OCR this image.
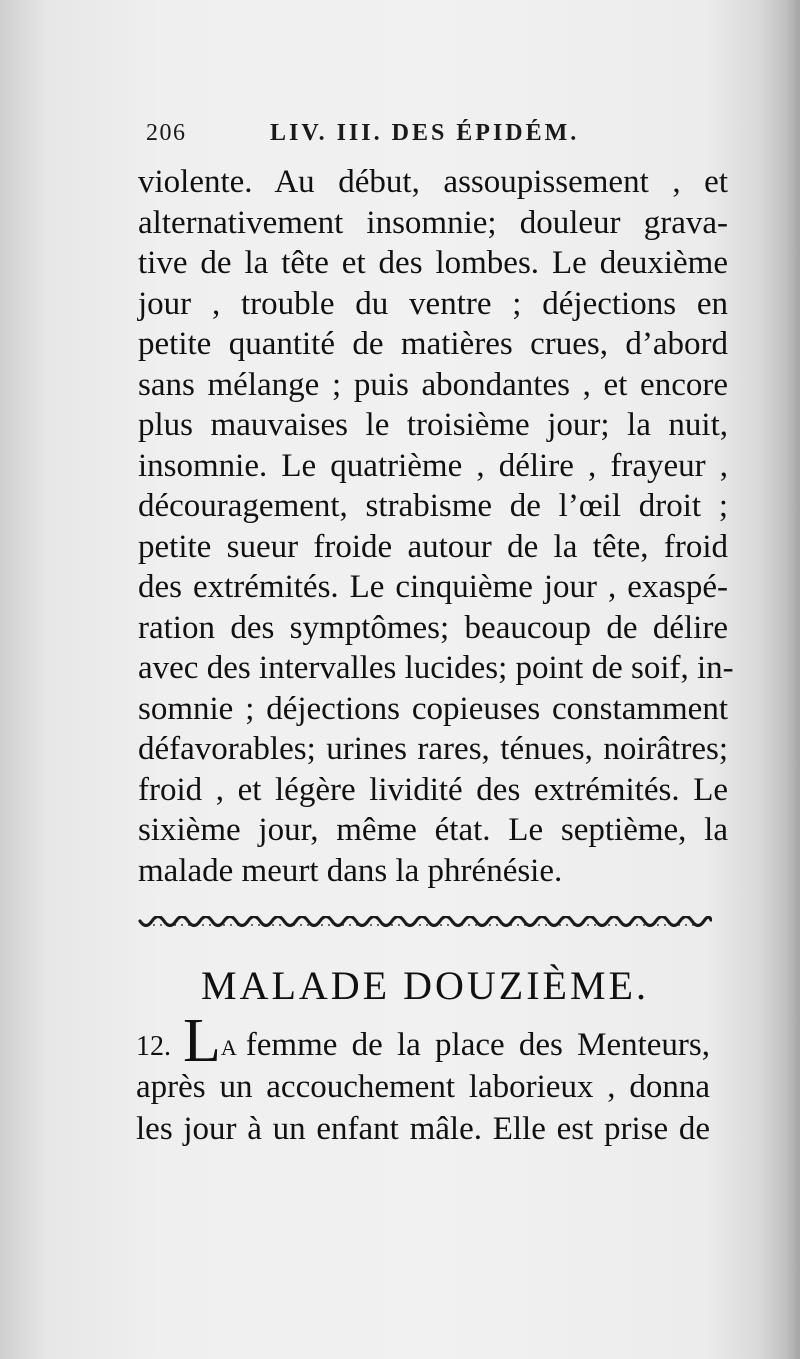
206	LIV. III. DES ÉPIDÉM.
violente. Au début, assoupissement , et
alternativement insomnie; douleur grava-
tive de la tête et des lombes. Le deuxième
jour , trouble du ventre ; déjections en
petite quantité de matières crues, d’abord
sans mélange ; puis abondantes , et encore
plus mauvaises le troisième jour; la nuit,
insomnie. Le quatrième , délire , frayeur ,
découragement, strabisme de l’œil droit ;
petite sueur froide autour de la tête, froid
des extrémités. Le cinquième jour , exaspé-
ration des symptômes; beaucoup de délire
avec des intervalles lucides; point de soif, in-
somnie ; déjections copieuses constamment
défavorables; urines rares, ténues, noirâtres;
froid , et légère lividité des extrémités. Le
sixième jour, même état. Le septième, la
malade meurt dans la phrénésie.
MALADE DOUZIÈME.
12. LA femme de la place des Menteurs,
après un accouchement laborieux , donna
les jour à un enfant mâle. Elle est prise de
